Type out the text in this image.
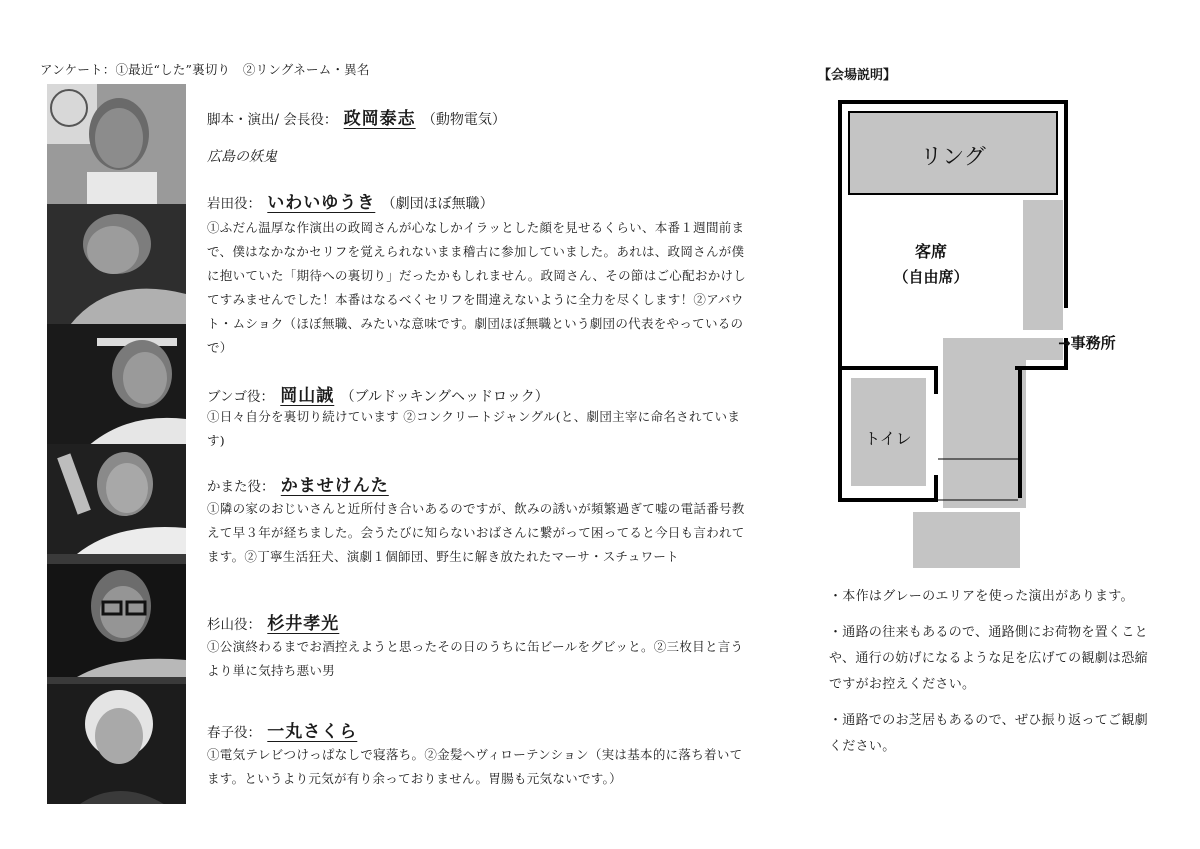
アンケート：①最近“した”裏切り　②リングネーム・異名
脚本・演出/ 会長役： 政岡泰志 （動物電気）
広島の妖鬼
岩田役： いわいゆうき （劇団ほぼ無職）
①ふだん温厚な作演出の政岡さんが心なしかイラッとした顔を見せるくらい、本番１週間前まで、僕はなかなかセリフを覚えられないまま稽古に参加していました。あれは、政岡さんが僕に抱いていた「期待への裏切り」だったかもしれません。政岡さん、その節はご心配おかけしてすみませんでした！本番はなるべくセリフを間違えないように全力を尽くします！②アバウト・ムショク（ほぼ無職、みたいな意味です。劇団ほぼ無職という劇団の代表をやっているので）
ブンゴ役： 岡山誠 （ブルドッキングヘッドロック）
①日々自分を裏切り続けています ②コンクリートジャングル(と、劇団主宰に命名されています)
かまた役： かませけんた
①隣の家のおじいさんと近所付き合いあるのですが、飲みの誘いが頻繁過ぎて嘘の電話番号教えて早３年が経ちました。会うたびに知らないおばさんに繋がって困ってると今日も言われてます。②丁寧生活狂犬、演劇１個師団、野生に解き放たれたマーサ・スチュワート
杉山役： 杉井孝光
①公演終わるまでお酒控えようと思ったその日のうちに缶ビールをグビッと。②三枚目と言うより単に気持ち悪い男
春子役： 一丸さくら
①電気テレビつけっぱなしで寝落ち。②金髪ヘヴィローテンション（実は基本的に落ち着いてます。というより元気が有り余っておりません。胃腸も元気ないです。）
【会場説明】
リング
客席
（自由席）
トイレ
→事務所

・本作はグレーのエリアを使った演出があります。

・通路の往来もあるので、通路側にお荷物を置くことや、通行の妨げになるような足を広げての観劇は恐縮ですがお控えください。

・通路でのお芝居もあるので、ぜひ振り返ってご観劇ください。
